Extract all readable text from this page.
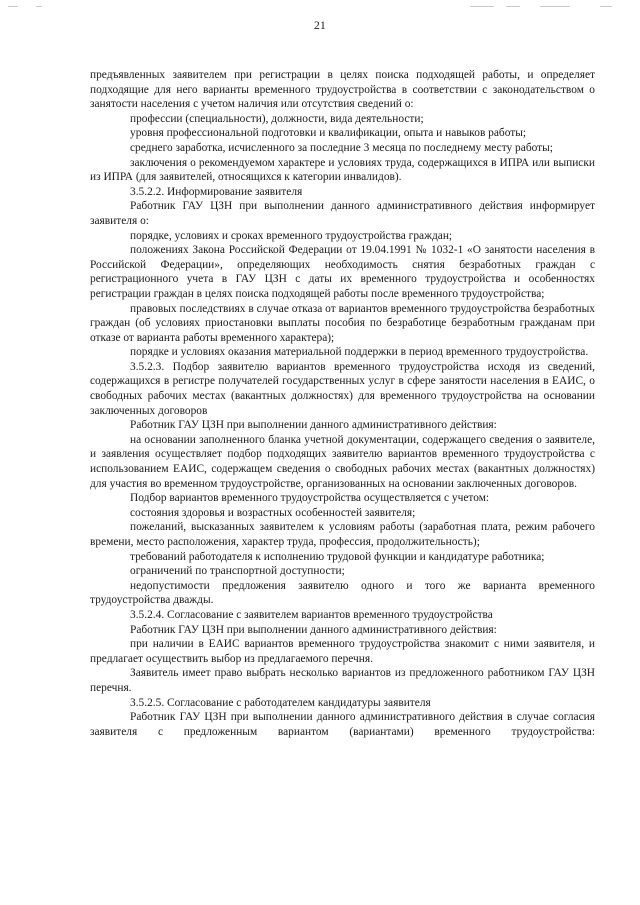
21

предъявленных заявителем при регистрации в целях поиска подходящей работы, и определяет подходящие для него варианты временного трудоустройства в соответствии с законодательством о занятости населения с учетом наличия или отсутствия сведений о:

профессии (специальности), должности, вида деятельности;

уровня профессиональной подготовки и квалификации, опыта и навыков работы;

среднего заработка, исчисленного за последние 3 месяца по последнему месту работы;

заключения о рекомендуемом характере и условиях труда, содержащихся в ИПРА или выписки из ИПРА (для заявителей, относящихся к категории инвалидов).

3.5.2.2. Информирование заявителя

Работник ГАУ ЦЗН при выполнении данного административного действия информирует заявителя о:

порядке, условиях и сроках временного трудоустройства граждан;

положениях Закона Российской Федерации от 19.04.1991 № 1032-1 «О занятости населения в Российской Федерации», определяющих необходимость снятия безработных граждан с регистрационного учета в ГАУ ЦЗН с даты их временного трудоустройства и особенностях регистрации граждан в целях поиска подходящей работы после временного трудоустройства;

правовых последствиях в случае отказа от вариантов временного трудоустройства безработных граждан (об условиях приостановки выплаты пособия по безработице безработным гражданам при отказе от варианта работы временного характера);

порядке и условиях оказания материальной поддержки в период временного трудоустройства.

3.5.2.3. Подбор заявителю вариантов временного трудоустройства исходя из сведений, содержащихся в регистре получателей государственных услуг в сфере занятости населения в ЕАИС, о свободных рабочих местах (вакантных должностях) для временного трудоустройства на основании заключенных договоров

Работник ГАУ ЦЗН при выполнении данного административного действия:

на основании заполненного бланка учетной документации, содержащего сведения о заявителе, и заявления осуществляет подбор подходящих заявителю вариантов временного трудоустройства с использованием ЕАИС, содержащем сведения о свободных рабочих местах (вакантных должностях) для участия во временном трудоустройстве, организованных на основании заключенных договоров.

Подбор вариантов временного трудоустройства осуществляется с учетом:

состояния здоровья и возрастных особенностей заявителя;

пожеланий, высказанных заявителем к условиям работы (заработная плата, режим рабочего времени, место расположения, характер труда, профессия, продолжительность);

требований работодателя к исполнению трудовой функции и кандидатуре работника;

ограничений по транспортной доступности;

недопустимости предложения заявителю одного и того же варианта временного трудоустройства дважды.

3.5.2.4. Согласование с заявителем вариантов временного трудоустройства

Работник ГАУ ЦЗН при выполнении данного административного действия:

при наличии в ЕАИС вариантов временного трудоустройства знакомит с ними заявителя, и предлагает осуществить выбор из предлагаемого перечня.

Заявитель имеет право выбрать несколько вариантов из предложенного работником ГАУ ЦЗН перечня.

3.5.2.5. Согласование с работодателем кандидатуры заявителя

Работник ГАУ ЦЗН при выполнении данного административного действия в случае согласия заявителя с предложенным вариантом (вариантами) временного трудоустройства:
